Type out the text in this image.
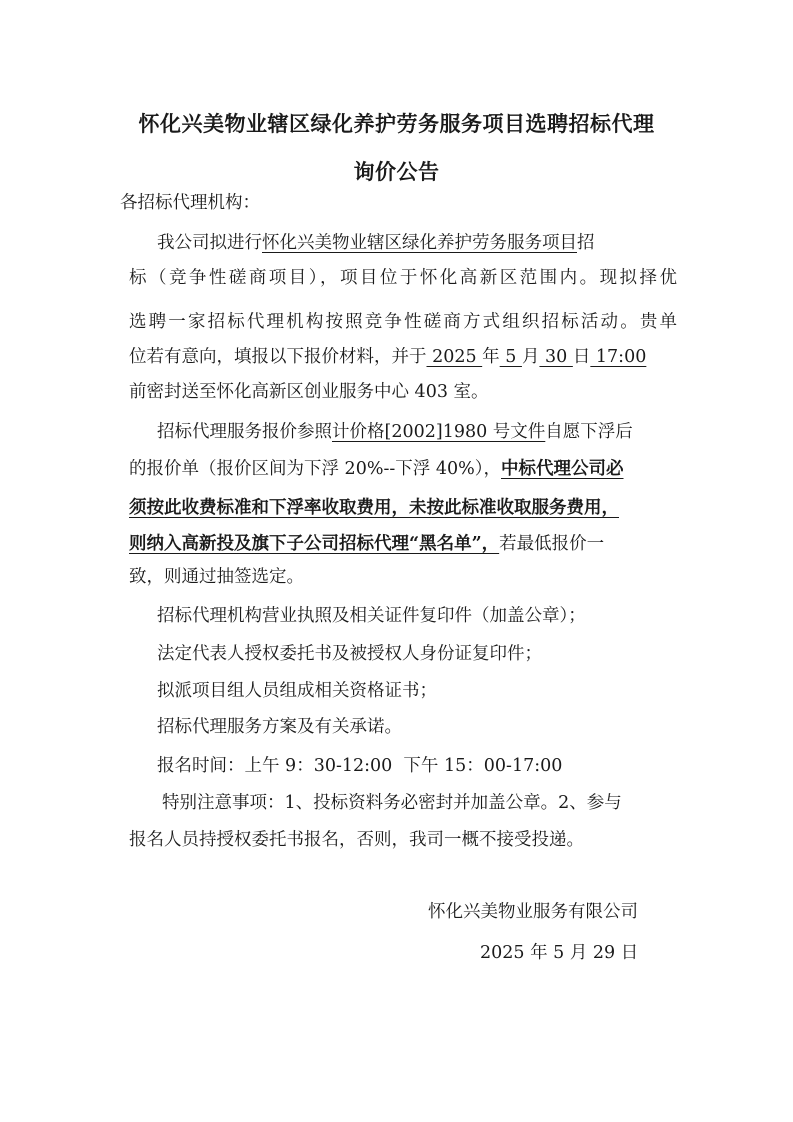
怀化兴美物业辖区绿化养护劳务服务项目选聘招标代理
询价公告
各招标代理机构：
我公司拟进行怀化兴美物业辖区绿化养护劳务服务项目招
标（竞争性磋商项目），项目位于怀化高新区范围内。现拟择优
选聘一家招标代理机构按照竞争性磋商方式组织招标活动。贵单
位若有意向，填报以下报价材料，并于 2025 年 5 月 30 日 17:00
前密封送至怀化高新区创业服务中心 403 室。
招标代理服务报价参照计价格[2002]1980 号文件自愿下浮后
的报价单（报价区间为下浮 20%--下浮 40%），中标代理公司必
须按此收费标准和下浮率收取费用，未按此标准收取服务费用，
则纳入高新投及旗下子公司招标代理“黑名单”，若最低报价一
致，则通过抽签选定。
招标代理机构营业执照及相关证件复印件（加盖公章）；
法定代表人授权委托书及被授权人身份证复印件；
拟派项目组人员组成相关资格证书；
招标代理服务方案及有关承诺。
报名时间：上午 9：30-12:00  下午 15：00-17:00
特别注意事项：1、投标资料务必密封并加盖公章。2、参与
报名人员持授权委托书报名，否则，我司一概不接受投递。
怀化兴美物业服务有限公司
2025 年 5 月 29 日
